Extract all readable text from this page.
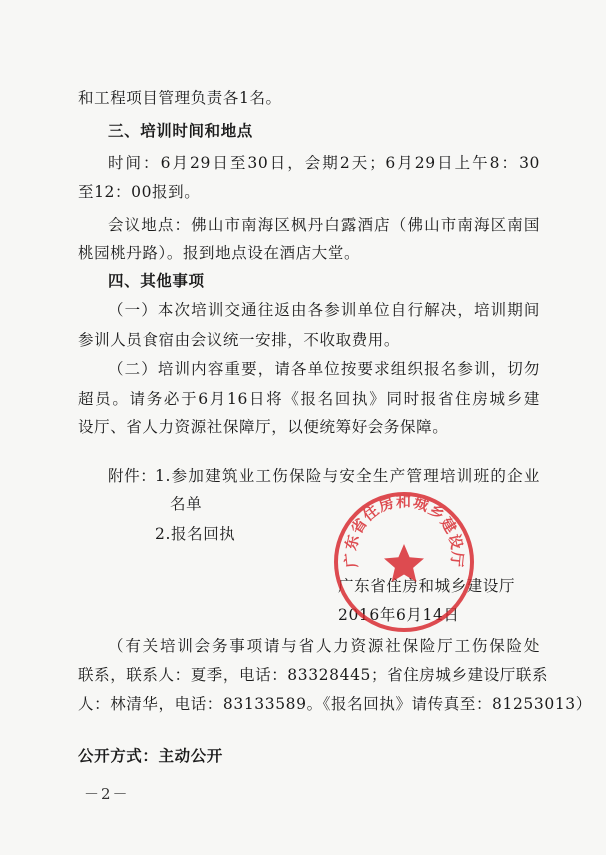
和工程项目管理负责各1名。
三、培训时间和地点
时间：6月29日至30日，会期2天；6月29日上午8：30
至12：00报到。
会议地点：佛山市南海区枫丹白露酒店（佛山市南海区南国
桃园桃丹路）。报到地点设在酒店大堂。
四、其他事项
（一）本次培训交通往返由各参训单位自行解决，培训期间
参训人员食宿由会议统一安排，不收取费用。
（二）培训内容重要，请各单位按要求组织报名参训，切勿
超员。请务必于6月16日将《报名回执》同时报省住房城乡建
设厅、省人力资源社保障厅，以便统筹好会务保障。
附件：
1.参加建筑业工伤保险与安全生产管理培训班的企业
名单
2.报名回执
广东省住房和城乡建设厅
2016年6月14日
广东省住房和城乡建设厅
（有关培训会务事项请与省人力资源社保险厅工伤保险处
联系，联系人：夏季，电话：83328445；省住房城乡建设厅联系
人：林清华，电话：83133589。《报名回执》请传真至：81253013）
公开方式：主动公开
－2－
